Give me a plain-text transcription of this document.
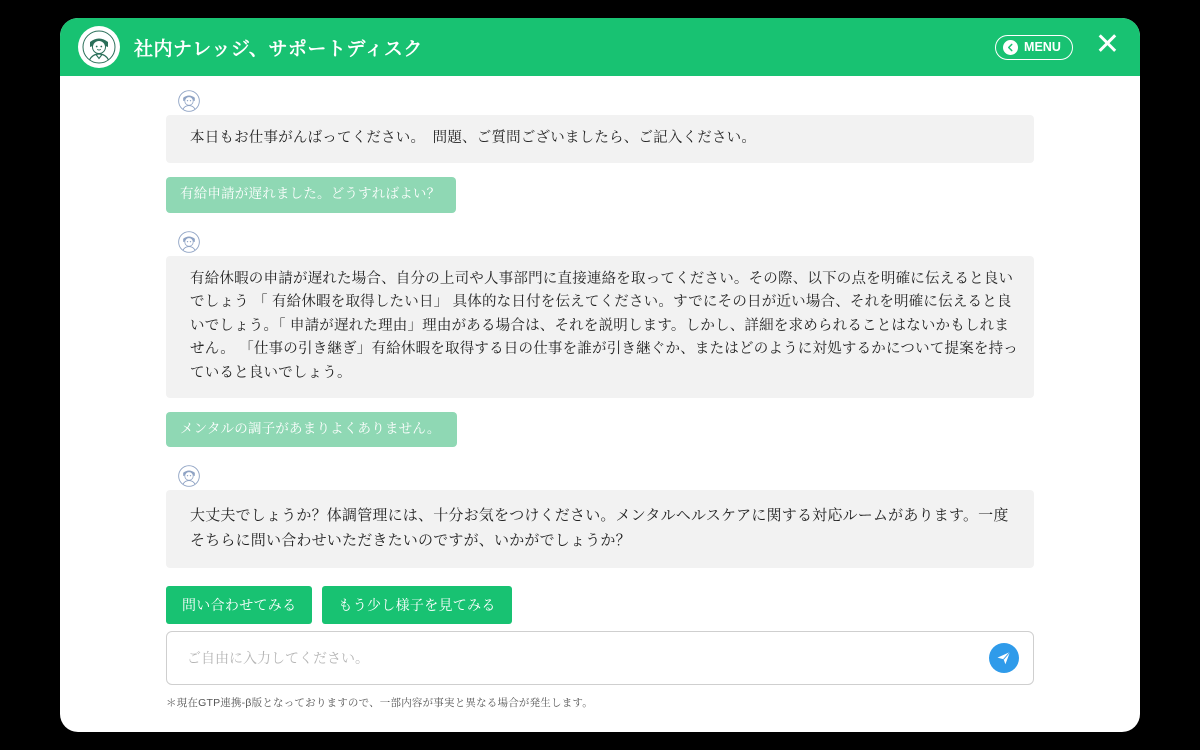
社内ナレッジ、サポートディスク	MENU ✕
本日もお仕事がんばってください。　問題、ご質問ございましたら、ご記入ください。
有給申請が遅れました。どうすればよい？
有給休暇の申請が遅れた場合、自分の上司や人事部門に直接連絡を取ってください。その際、以下の点を明確に伝えると良いでしょう 「 有給休暇を取得したい日」 具体的な日付を伝えてください。すでにその日が近い場合、それを明確に伝えると良いでしょう。「 申請が遅れた理由」理由がある場合は、それを説明します。しかし、詳細を求められることはないかもしれません。 「仕事の引き継ぎ」有給休暇を取得する日の仕事を誰が引き継ぐか、またはどのように対処するかについて提案を持っていると良いでしょう。
メンタルの調子があまりよくありません。
大丈夫でしょうか？体調管理には、十分お気をつけください。メンタルヘルスケアに関する対応ルームがあります。一度そちらに問い合わせいただきたいのですが、いかがでしょうか？
問い合わせてみる	もう少し様子を見てみる
ご自由に入力してください。
＊現在GTP連携-β版となっておりますので、一部内容が事実と異なる場合が発生します。
